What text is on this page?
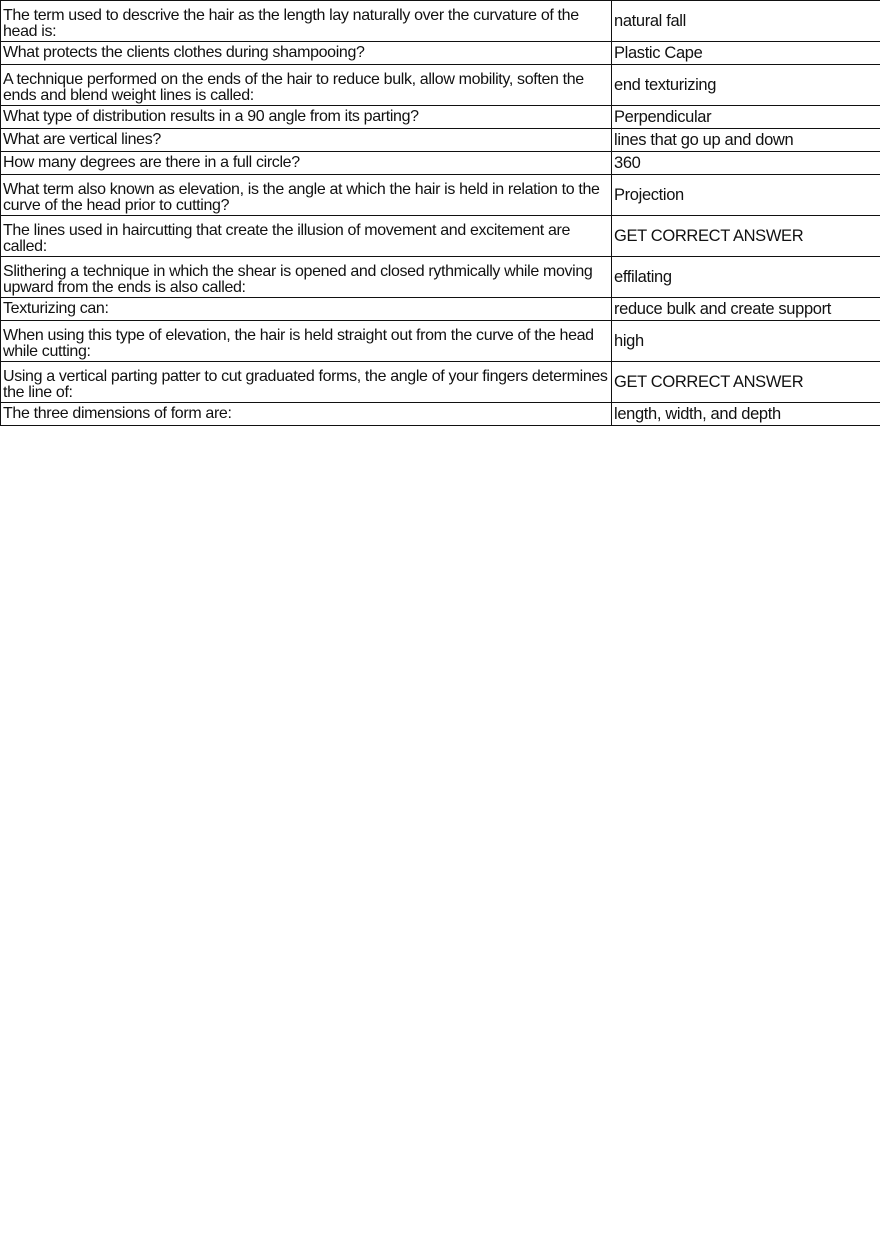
The term used to descrive the hair as the length lay naturally over the curvature of the head is:	natural fall
What protects the clients clothes during shampooing?	Plastic Cape
A technique performed on the ends of the hair to reduce bulk, allow mobility, soften the ends and blend weight lines is called:	end texturizing
What type of distribution results in a 90 angle from its parting?	Perpendicular
What are vertical lines?	lines that go up and down
How many degrees are there in a full circle?	360
What term also known as elevation, is the angle at which the hair is held in relation to the curve of the head prior to cutting?	Projection
The lines used in haircutting that create the illusion of movement and excitement are called:	GET CORRECT ANSWER
Slithering a technique in which the shear is opened and closed rythmically while moving upward from the ends is also called:	effilating
Texturizing can:	reduce bulk and create support
When using this type of elevation, the hair is held straight out from the curve of the head while cutting:	high
Using a vertical parting patter to cut graduated forms, the angle of your fingers determines the line of:	GET CORRECT ANSWER
The three dimensions of form are:	length, width, and depth
